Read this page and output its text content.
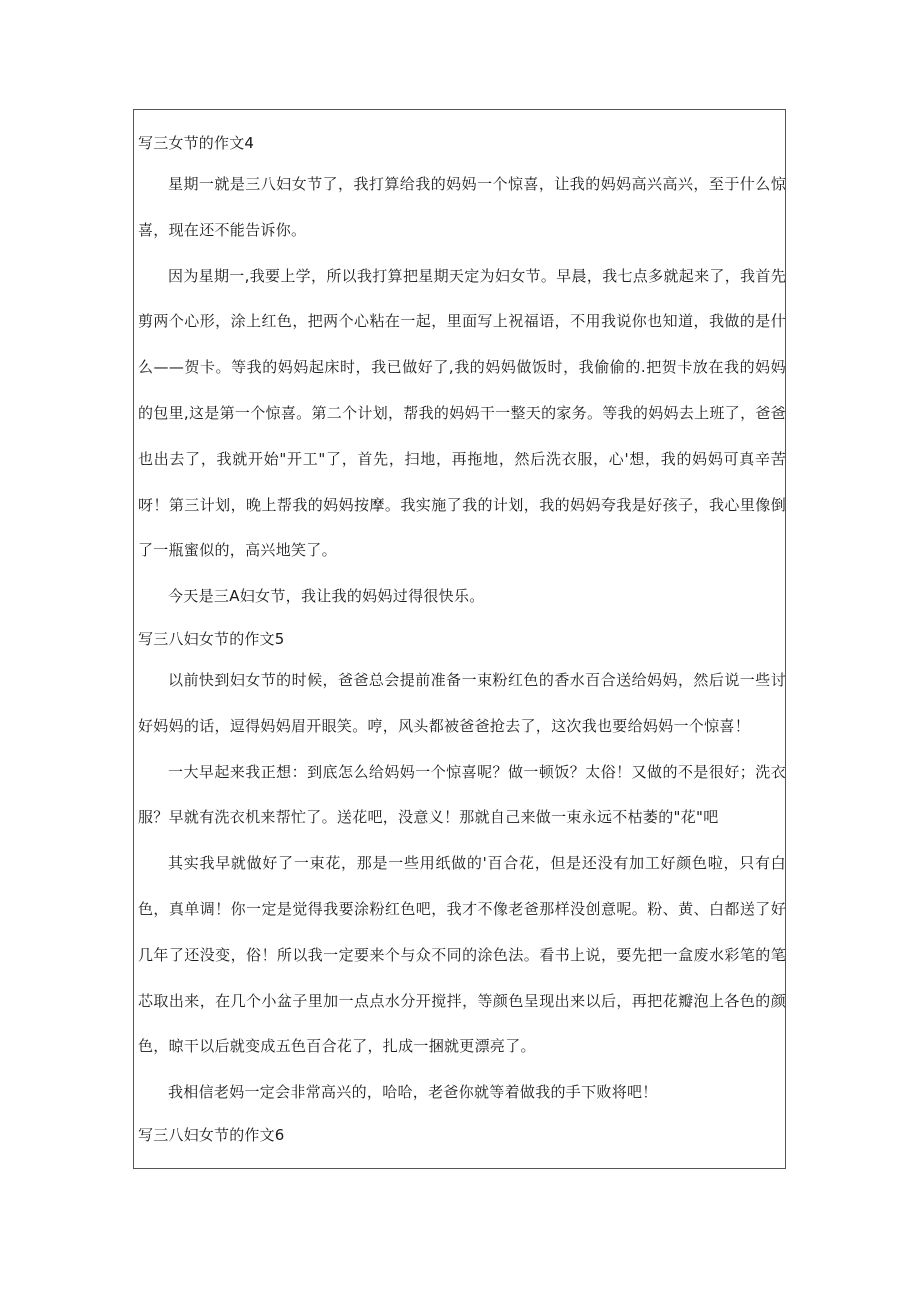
写三女节的作文4

星期一就是三八妇女节了，我打算给我的妈妈一个惊喜，让我的妈妈高兴高兴，至于什么惊喜，现在还不能告诉你。

因为星期一,我要上学，所以我打算把星期天定为妇女节。早晨，我七点多就起来了，我首先剪两个心形，涂上红色，把两个心粘在一起，里面写上祝福语，不用我说你也知道，我做的是什么——贺卡。等我的妈妈起床时，我已做好了,我的妈妈做饭时，我偷偷的.把贺卡放在我的妈妈的包里,这是第一个惊喜。第二个计划，帮我的妈妈干一整天的家务。等我的妈妈去上班了，爸爸也出去了，我就开始"开工"了，首先，扫地，再拖地，然后洗衣服，心'想，我的妈妈可真辛苦呀！第三计划，晚上帮我的妈妈按摩。我实施了我的计划，我的妈妈夸我是好孩子，我心里像倒了一瓶蜜似的，高兴地笑了。

今天是三A妇女节，我让我的妈妈过得很快乐。

写三八妇女节的作文5

以前快到妇女节的时候，爸爸总会提前准备一束粉红色的香水百合送给妈妈，然后说一些讨好妈妈的话，逗得妈妈眉开眼笑。哼，风头都被爸爸抢去了，这次我也要给妈妈一个惊喜！

一大早起来我正想：到底怎么给妈妈一个惊喜呢？做一顿饭？太俗！又做的不是很好；洗衣服？早就有洗衣机来帮忙了。送花吧，没意义！那就自己来做一束永远不枯萎的"花"吧

其实我早就做好了一束花，那是一些用纸做的'百合花，但是还没有加工好颜色啦，只有白色，真单调！你一定是觉得我要涂粉红色吧，我才不像老爸那样没创意呢。粉、黄、白都送了好几年了还没变，俗！所以我一定要来个与众不同的涂色法。看书上说，要先把一盒废水彩笔的笔芯取出来，在几个小盆子里加一点点水分开搅拌，等颜色呈现出来以后，再把花瓣泡上各色的颜色，晾干以后就变成五色百合花了，扎成一捆就更漂亮了。

我相信老妈一定会非常高兴的，哈哈，老爸你就等着做我的手下败将吧！

写三八妇女节的作文6
